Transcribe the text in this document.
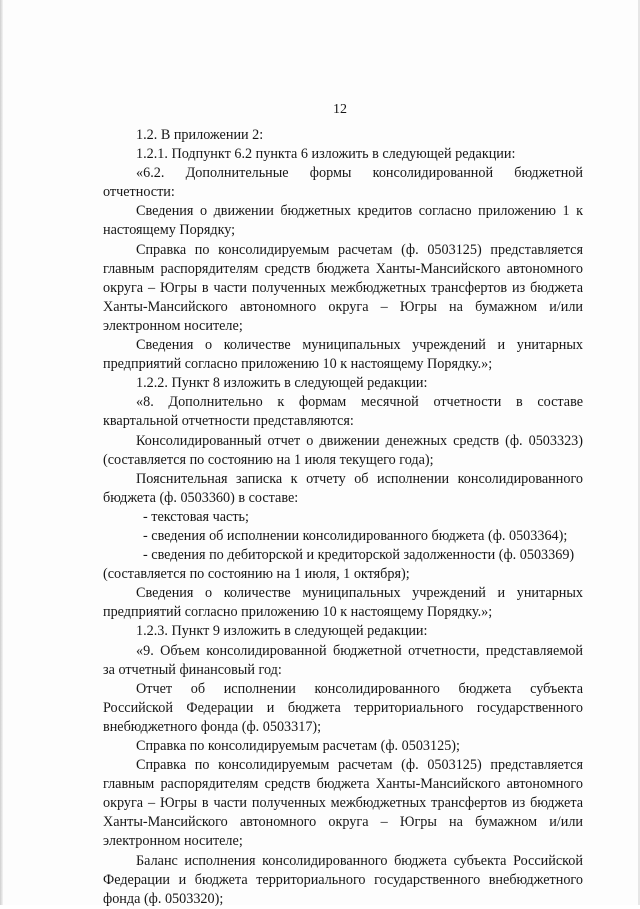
12

1.2. В приложении 2:

1.2.1. Подпункт 6.2 пункта 6 изложить в следующей редакции:

«6.2. Дополнительные формы консолидированной бюджетной

отчетности:

Сведения о движении бюджетных кредитов согласно приложению 1 к

настоящему Порядку;

Справка по консолидируемым расчетам (ф. 0503125) представляется

главным распорядителям средств бюджета Ханты-Мансийского автономного

округа – Югры в части полученных межбюджетных трансфертов из бюджета

Ханты-Мансийского автономного округа – Югры на бумажном и/или

электронном носителе;

Сведения о количестве муниципальных учреждений и унитарных

предприятий согласно приложению 10 к настоящему Порядку.»;

1.2.2. Пункт 8 изложить в следующей редакции:

«8. Дополнительно к формам месячной отчетности в составе

квартальной отчетности представляются:

Консолидированный отчет о движении денежных средств (ф. 0503323)

(составляется по состоянию на 1 июля текущего года);

Пояснительная записка к отчету об исполнении консолидированного

бюджета (ф. 0503360) в составе:

- текстовая часть;

- сведения об исполнении консолидированного бюджета (ф. 0503364);

- сведения по дебиторской и кредиторской задолженности (ф. 0503369)

(составляется по состоянию на 1 июля, 1 октября);

Сведения о количестве муниципальных учреждений и унитарных

предприятий согласно приложению 10 к настоящему Порядку.»;

1.2.3. Пункт 9 изложить в следующей редакции:

«9. Объем консолидированной бюджетной отчетности, представляемой

за отчетный финансовый год:

Отчет об исполнении консолидированного бюджета субъекта

Российской Федерации и бюджета территориального государственного

внебюджетного фонда (ф. 0503317);

Справка по консолидируемым расчетам (ф. 0503125);

Справка по консолидируемым расчетам (ф. 0503125) представляется

главным распорядителям средств бюджета Ханты-Мансийского автономного

округа – Югры в части полученных межбюджетных трансфертов из бюджета

Ханты-Мансийского автономного округа – Югры на бумажном и/или

электронном носителе;

Баланс исполнения консолидированного бюджета субъекта Российской

Федерации и бюджета территориального государственного внебюджетного

фонда (ф. 0503320);
